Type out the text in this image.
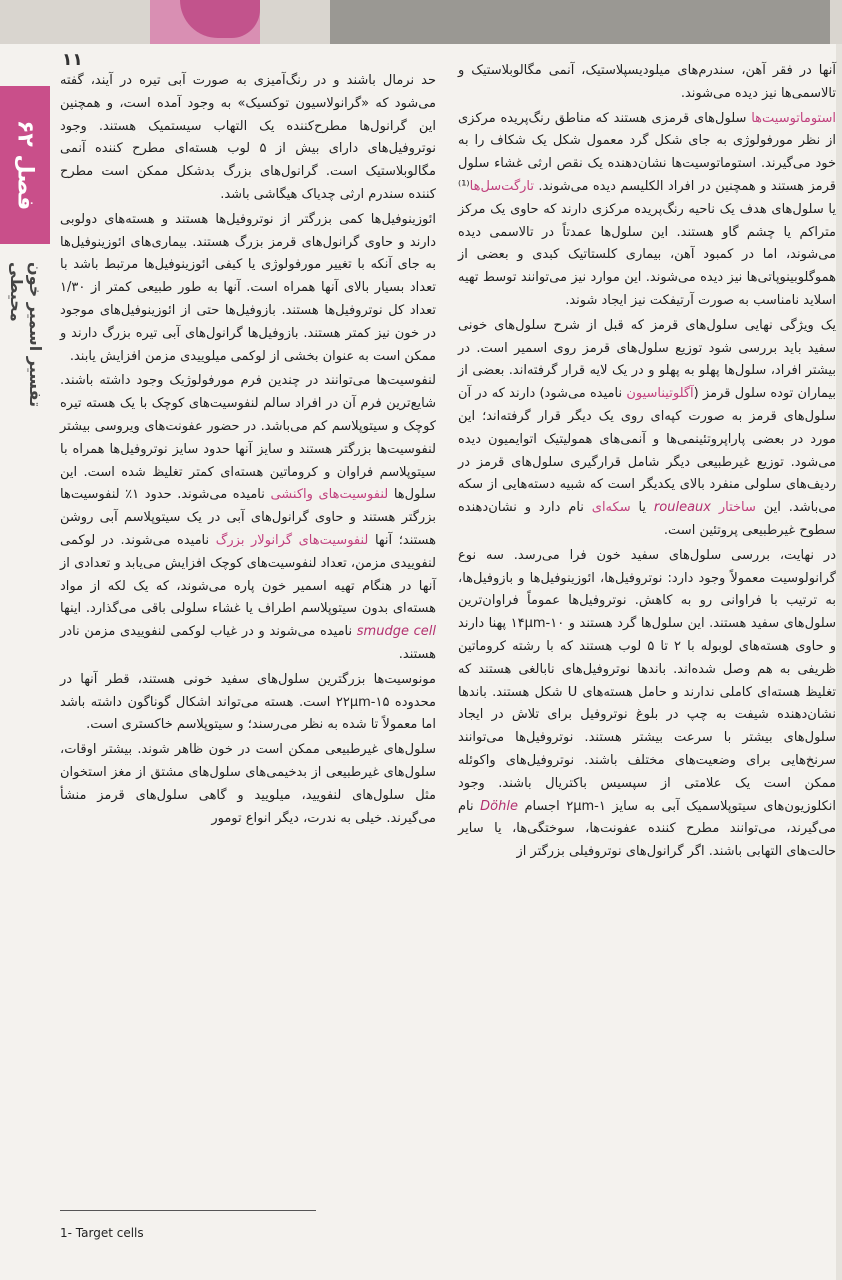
۱۱
فصل ۶۲
تفسیر اسمیر خون محیطی

آنها در فقر آهن، سندرم‌های میلودیسپلاستیک، آنمی مگالوبلاستیک و تالاسمی‌ها نیز دیده می‌شوند.

استوماتوسیت‌ها سلول‌های قرمزی هستند که مناطق رنگ‌پریده مرکزی از نظر مورفولوژی به جای شکل گرد معمول شکل یک شکاف را به خود می‌گیرند. استوماتوسیت‌ها نشان‌دهنده یک نقص ارثی غشاء سلول قرمز هستند و همچنین در افراد الکلیسم دیده می‌شوند. تارگت‌سل‌ها⁽¹⁾ یا سلول‌های هدف یک ناحیه رنگ‌پریده مرکزی دارند که حاوی یک مرکز متراکم یا چشم گاو هستند. این سلول‌ها عمدتاً در تالاسمی دیده می‌شوند، اما در کمبود آهن، بیماری کلستاتیک کبدی و بعضی از هموگلوبینوپاتی‌ها نیز دیده می‌شوند. این موارد نیز می‌توانند توسط تهیه اسلاید نامناسب به صورت آرتیفکت نیز ایجاد شوند.

یک ویژگی نهایی سلول‌های قرمز که قبل از شرح سلول‌های خونی سفید باید بررسی شود توزیع سلول‌های قرمز روی اسمیر است. در بیشتر افراد، سلول‌ها پهلو به پهلو و در یک لایه قرار گرفته‌اند. بعضی از بیماران توده سلول قرمز (آگلوتیناسیون نامیده می‌شود) دارند که در آن سلول‌های قرمز به صورت کپه‌ای روی یک دیگر قرار گرفته‌اند؛ این مورد در بعضی پاراپروتئینمی‌ها و آنمی‌های همولیتیک اتوایمیون دیده می‌شود. توزیع غیرطبیعی دیگر شامل قرارگیری سلول‌های قرمز در ردیف‌های سلولی منفرد بالای یکدیگر است که شبیه دسته‌هایی از سکه می‌باشد. این ساختار rouleaux یا سکه‌ای نام دارد و نشان‌دهنده سطوح غیرطبیعی پروتئین است.

در نهایت، بررسی سلول‌های سفید خون فرا می‌رسد. سه نوع گرانولوسیت معمولاً وجود دارد: نوتروفیل‌ها، ائوزینوفیل‌ها و بازوفیل‌ها، به ترتیب با فراوانی رو به کاهش. نوتروفیل‌ها عموماً فراوان‌ترین سلول‌های سفید هستند. این سلول‌ها گرد هستند و ۱۴μm-۱۰ پهنا دارند و حاوی هسته‌های لوبوله با ۲ تا ۵ لوب هستند که با رشته کروماتین ظریفی به هم وصل شده‌اند. باندها نوتروفیل‌های نابالغی هستند که تغلیظ هسته‌ای کاملی ندارند و حامل هسته‌های U شکل هستند. باندها نشان‌دهنده شیفت به چپ در بلوغ نوتروفیل برای تلاش در ایجاد سلول‌های بیشتر با سرعت بیشتر هستند. نوتروفیل‌ها می‌توانند سرنخ‌هایی برای وضعیت‌های مختلف باشند. نوتروفیل‌های واکوئله ممکن است یک علامتی از سپسیس باکتریال باشند. وجود انکلوزیون‌های سیتوپلاسمیک آبی به سایز ۲μm-۱ اجسام Döhle نام می‌گیرند، می‌توانند مطرح کننده عفونت‌ها، سوختگی‌ها، یا سایر حالت‌های التهابی باشند. اگر گرانول‌های نوتروفیلی بزرگتر از

حد نرمال باشند و در رنگ‌آمیزی به صورت آبی تیره در آیند، گفته می‌شود که «گرانولاسیون توکسیک» به وجود آمده است، و همچنین این گرانول‌ها مطرح‌کننده یک التهاب سیستمیک هستند. وجود نوتروفیل‌های دارای بیش از ۵ لوب هسته‌ای مطرح کننده آنمی مگالوبلاستیک است. گرانول‌های بزرگ بدشکل ممکن است مطرح کننده سندرم ارثی چدیاک هیگاشی باشد.

ائوزینوفیل‌ها کمی بزرگتر از نوتروفیل‌ها هستند و هسته‌های دولوبی دارند و حاوی گرانول‌های قرمز بزرگ هستند. بیماری‌های ائوزینوفیل‌ها به جای آنکه با تغییر مورفولوژی یا کیفی ائوزینوفیل‌ها مرتبط باشد با تعداد بسیار بالای آنها همراه است. آنها به طور طبیعی کمتر از ۱/۳۰ تعداد کل نوتروفیل‌ها هستند. بازوفیل‌ها حتی از ائوزینوفیل‌های موجود در خون نیز کمتر هستند. بازوفیل‌ها گرانول‌های آبی تیره بزرگ دارند و ممکن است به عنوان بخشی از لوکمی میلوییدی مزمن افزایش یابند.

لنفوسیت‌ها می‌توانند در چندین فرم مورفولوژیک وجود داشته باشند. شایع‌ترین فرم آن در افراد سالم لنفوسیت‌های کوچک با یک هسته تیره کوچک و سیتوپلاسم کم می‌باشد. در حضور عفونت‌های ویروسی بیشتر لنفوسیت‌ها بزرگتر هستند و سایز آنها حدود سایز نوتروفیل‌ها همراه با سیتوپلاسم فراوان و کروماتین هسته‌ای کمتر تغلیظ شده است. این سلول‌ها لنفوسیت‌های واکنشی نامیده می‌شوند. حدود ۱٪ لنفوسیت‌ها بزرگتر هستند و حاوی گرانول‌های آبی در یک سیتوپلاسم آبی روشن هستند؛ آنها لنفوسیت‌های گرانولار بزرگ نامیده می‌شوند. در لوکمی لنفوییدی مزمن، تعداد لنفوسیت‌های کوچک افزایش می‌یابد و تعدادی از آنها در هنگام تهیه اسمیر خون پاره می‌شوند، که یک لکه از مواد هسته‌ای بدون سیتوپلاسم اطراف یا غشاء سلولی باقی می‌گذارد. اینها smudge cell نامیده می‌شوند و در غیاب لوکمی لنفوییدی مزمن نادر هستند.

مونوسیت‌ها بزرگترین سلول‌های سفید خونی هستند، قطر آنها در محدوده ۲۲μm-۱۵ است. هسته می‌تواند اشکال گوناگون داشته باشد اما معمولاً تا شده به نظر می‌رسند؛ و سیتوپلاسم خاکستری است.

سلول‌های غیرطبیعی ممکن است در خون ظاهر شوند. بیشتر اوقات، سلول‌های غیرطبیعی از بدخیمی‌های سلول‌های مشتق از مغز استخوان مثل سلول‌های لنفویید، میلویید و گاهی سلول‌های قرمز منشأ می‌گیرند. خیلی به ندرت، دیگر انواع تومور

1- Target cells
